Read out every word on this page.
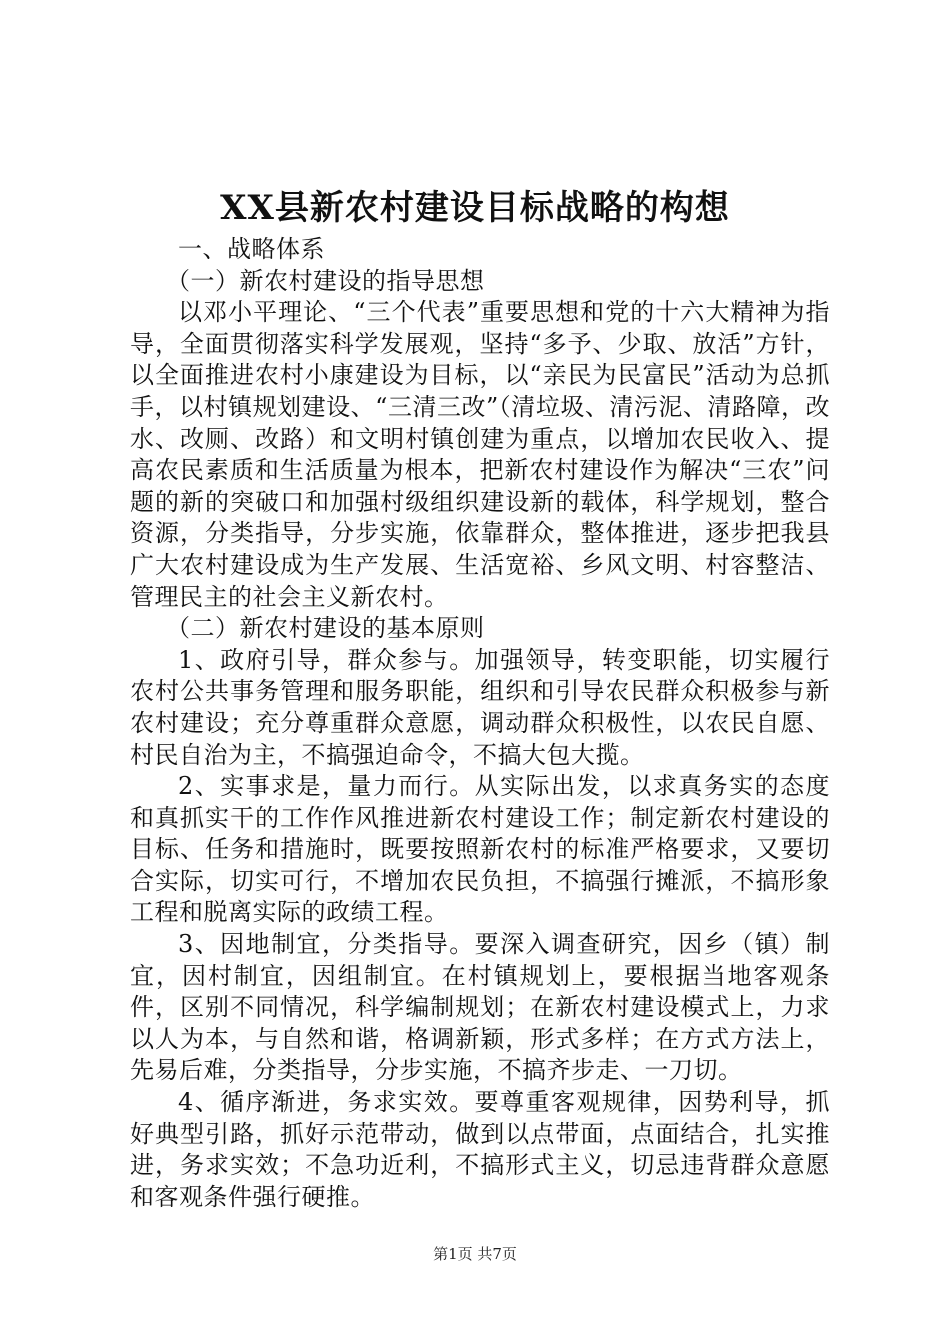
XX县新农村建设目标战略的构想

一、战略体系

（一）新农村建设的指导思想

以邓小平理论、“三个代表”重要思想和党的十六大精神为指导，全面贯彻落实科学发展观，坚持“多予、少取、放活”方针，以全面推进农村小康建设为目标，以“亲民为民富民”活动为总抓手，以村镇规划建设、“三清三改”（清垃圾、清污泥、清路障，改水、改厕、改路）和文明村镇创建为重点，以增加农民收入、提高农民素质和生活质量为根本，把新农村建设作为解决“三农”问题的新的突破口和加强村级组织建设新的载体，科学规划，整合资源，分类指导，分步实施，依靠群众，整体推进，逐步把我县广大农村建设成为生产发展、生活宽裕、乡风文明、村容整洁、管理民主的社会主义新农村。

（二）新农村建设的基本原则

1、政府引导，群众参与。加强领导，转变职能，切实履行农村公共事务管理和服务职能，组织和引导农民群众积极参与新农村建设；充分尊重群众意愿，调动群众积极性，以农民自愿、村民自治为主，不搞强迫命令，不搞大包大揽。

2、实事求是，量力而行。从实际出发，以求真务实的态度和真抓实干的工作作风推进新农村建设工作；制定新农村建设的目标、任务和措施时，既要按照新农村的标准严格要求，又要切合实际，切实可行，不增加农民负担，不搞强行摊派，不搞形象工程和脱离实际的政绩工程。

3、因地制宜，分类指导。要深入调查研究，因乡（镇）制宜，因村制宜，因组制宜。在村镇规划上，要根据当地客观条件，区别不同情况，科学编制规划；在新农村建设模式上，力求以人为本，与自然和谐，格调新颖，形式多样；在方式方法上，先易后难，分类指导，分步实施，不搞齐步走、一刀切。

4、循序渐进，务求实效。要尊重客观规律，因势利导，抓好典型引路，抓好示范带动，做到以点带面，点面结合，扎实推进，务求实效；不急功近利，不搞形式主义，切忌违背群众意愿和客观条件强行硬推。

第1页 共7页
